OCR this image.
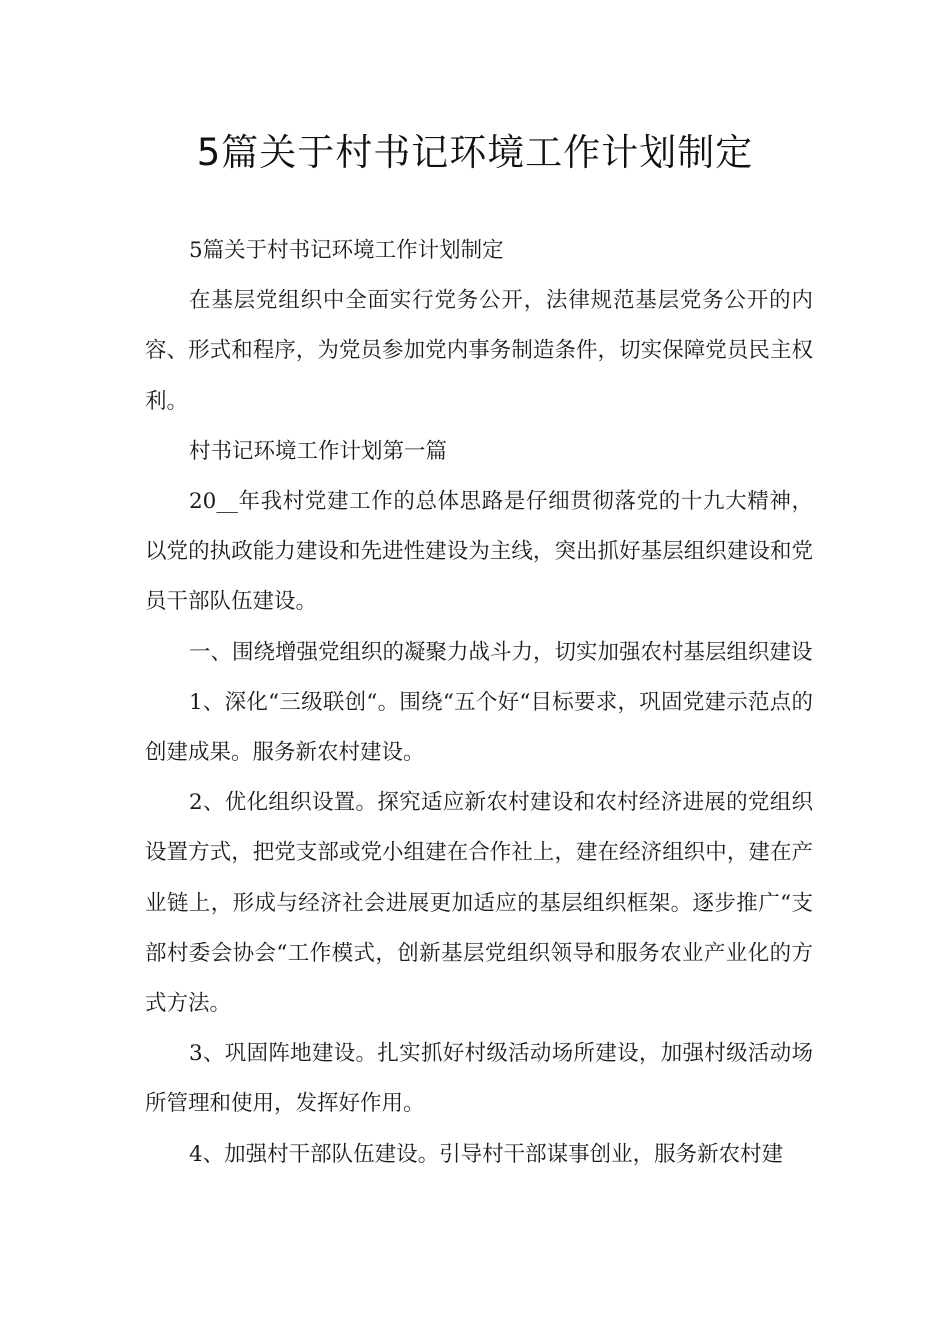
5篇关于村书记环境工作计划制定

5篇关于村书记环境工作计划制定

在基层党组织中全面实行党务公开，法律规范基层党务公开的内容、形式和程序，为党员参加党内事务制造条件，切实保障党员民主权利。

村书记环境工作计划第一篇

20__年我村党建工作的总体思路是仔细贯彻落党的十九大精神，以党的执政能力建设和先进性建设为主线，突出抓好基层组织建设和党员干部队伍建设。

一、围绕增强党组织的凝聚力战斗力，切实加强农村基层组织建设

1、深化“三级联创“。围绕“五个好“目标要求，巩固党建示范点的创建成果。服务新农村建设。

2、优化组织设置。探究适应新农村建设和农村经济进展的党组织设置方式，把党支部或党小组建在合作社上，建在经济组织中，建在产业链上，形成与经济社会进展更加适应的基层组织框架。逐步推广“支部村委会协会“工作模式，创新基层党组织领导和服务农业产业化的方式方法。

3、巩固阵地建设。扎实抓好村级活动场所建设，加强村级活动场所管理和使用，发挥好作用。

4、加强村干部队伍建设。引导村干部谋事创业，服务新农村建
